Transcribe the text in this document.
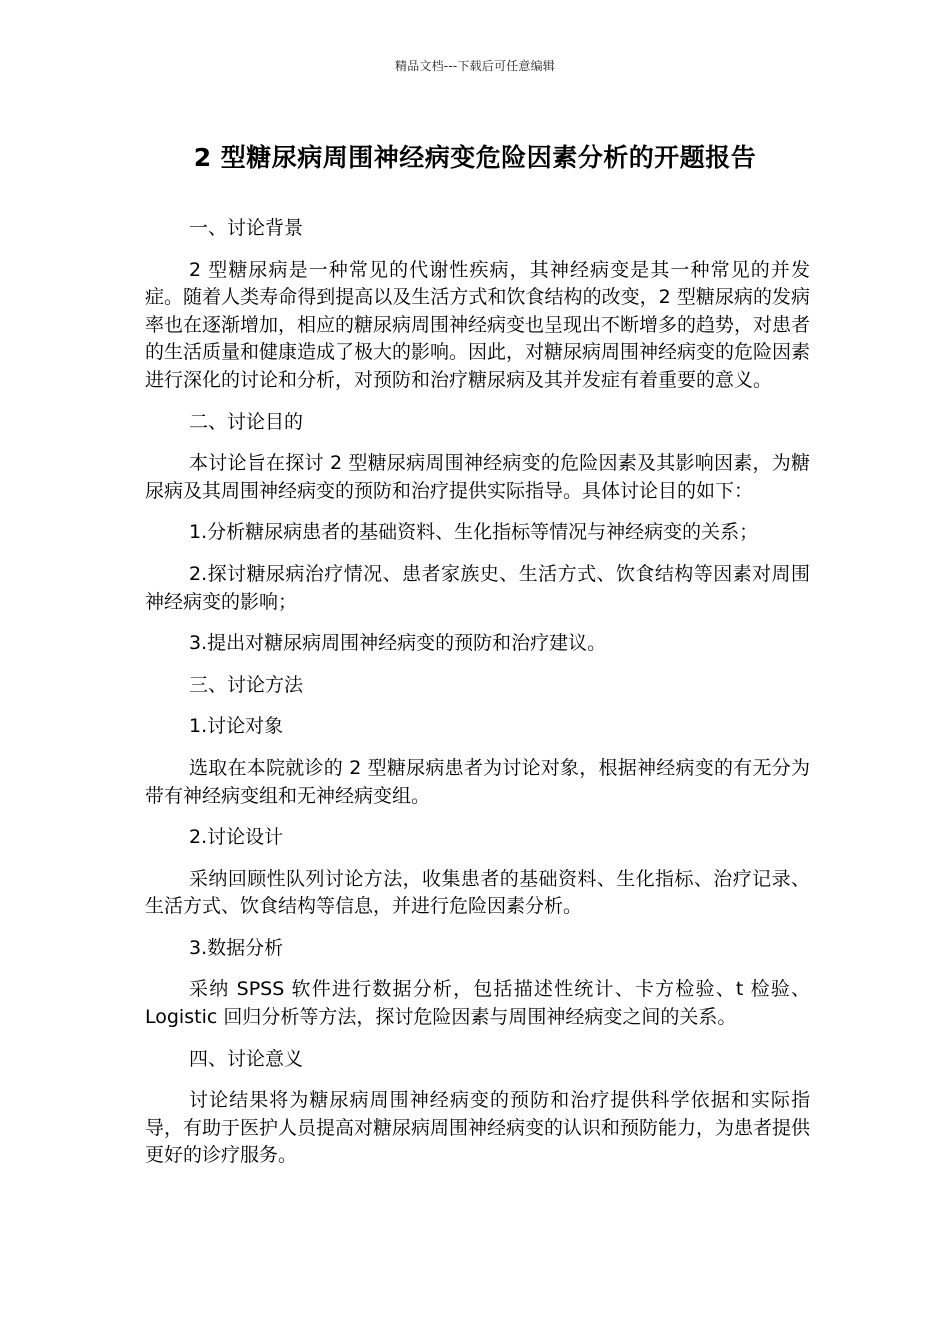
精品文档---下载后可任意编辑
2 型糖尿病周围神经病变危险因素分析的开题报告

一、讨论背景

2 型糖尿病是一种常见的代谢性疾病，其神经病变是其一种常见的并发症。随着人类寿命得到提高以及生活方式和饮食结构的改变，2 型糖尿病的发病率也在逐渐增加，相应的糖尿病周围神经病变也呈现出不断增多的趋势，对患者的生活质量和健康造成了极大的影响。因此，对糖尿病周围神经病变的危险因素进行深化的讨论和分析，对预防和治疗糖尿病及其并发症有着重要的意义。

二、讨论目的

本讨论旨在探讨 2 型糖尿病周围神经病变的危险因素及其影响因素，为糖尿病及其周围神经病变的预防和治疗提供实际指导。具体讨论目的如下：

1.分析糖尿病患者的基础资料、生化指标等情况与神经病变的关系；

2.探讨糖尿病治疗情况、患者家族史、生活方式、饮食结构等因素对周围神经病变的影响；

3.提出对糖尿病周围神经病变的预防和治疗建议。

三、讨论方法

1.讨论对象

选取在本院就诊的 2 型糖尿病患者为讨论对象，根据神经病变的有无分为带有神经病变组和无神经病变组。

2.讨论设计

采纳回顾性队列讨论方法，收集患者的基础资料、生化指标、治疗记录、生活方式、饮食结构等信息，并进行危险因素分析。

3.数据分析

采纳 SPSS 软件进行数据分析，包括描述性统计、卡方检验、t 检验、Logistic 回归分析等方法，探讨危险因素与周围神经病变之间的关系。

四、讨论意义

讨论结果将为糖尿病周围神经病变的预防和治疗提供科学依据和实际指导，有助于医护人员提高对糖尿病周围神经病变的认识和预防能力，为患者提供更好的诊疗服务。
